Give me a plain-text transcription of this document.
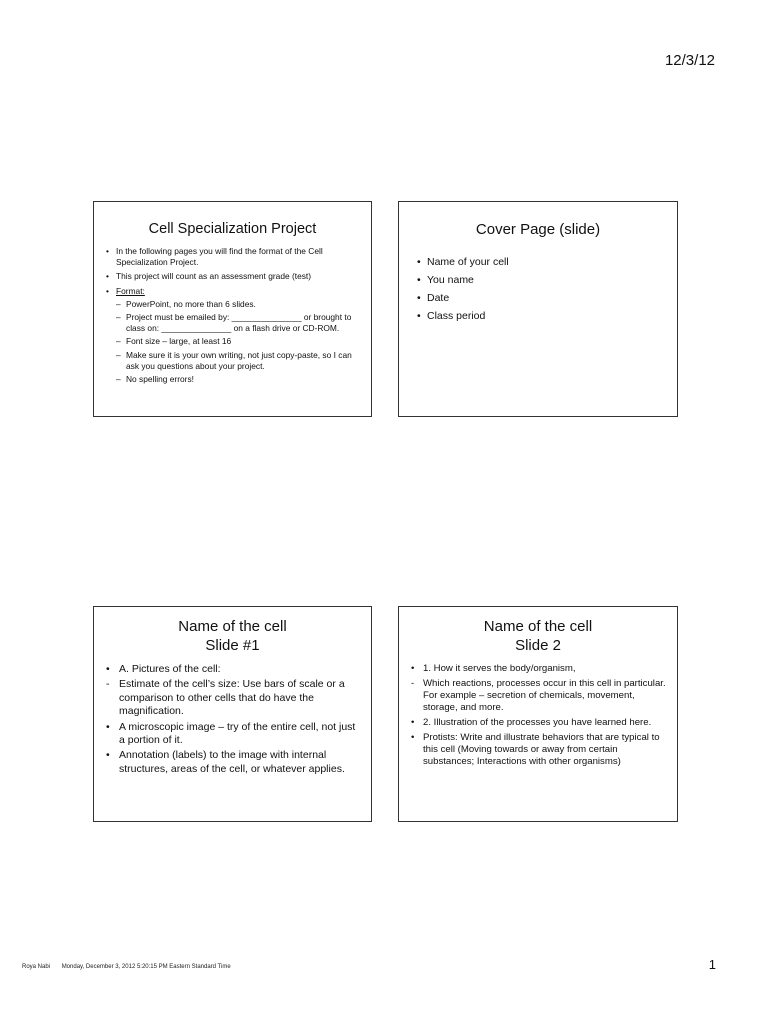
12/3/12
Cell Specialization Project
• In the following pages you will find the format of the Cell Specialization Project.
• This project will count as an assessment grade (test)
• Format:
– PowerPoint, no more than 6 slides.
– Project must be emailed by: _______________ or brought to class on: _______________ on a flash drive or CD-ROM.
– Font size – large, at least 16
– Make sure it is your own writing, not just copy-paste, so I can ask you questions about your project.
– No spelling errors!
Cover Page (slide)
• Name of your cell
• You name
• Date
• Class period
Name of the cell
Slide #1
• A. Pictures of the cell:
- Estimate of the cell’s size: Use bars of scale or a comparison to other cells that do have the magnification.
• A microscopic image – try of the entire cell, not just a portion of it.
• Annotation (labels) to the image with internal structures, areas of the cell, or whatever applies.
Name of the cell
Slide 2
• 1. How it serves the body/organism,
- Which reactions, processes occur in this cell in particular. For example – secretion of chemicals, movement, storage, and more.
• 2. Illustration of the processes you have learned here.
• Protists: Write and illustrate behaviors that are typical to this cell (Moving towards or away from certain substances; Interactions with other organisms)
Roya Nabi Monday, December 3, 2012 5:20:15 PM Eastern Standard Time	1
